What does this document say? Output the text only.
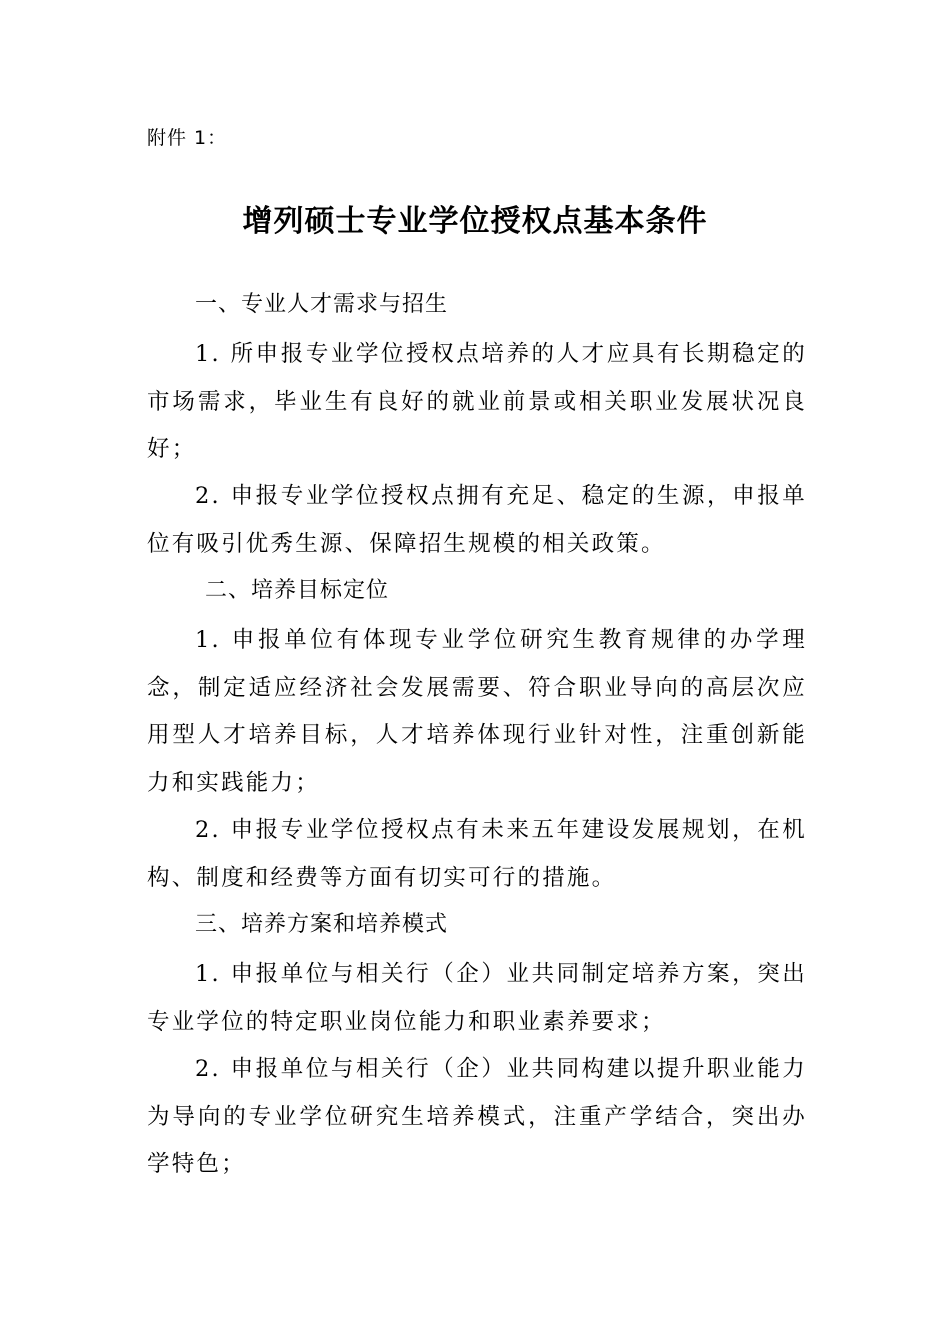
附件 1：
增列硕士专业学位授权点基本条件
一、专业人才需求与招生
1. 所申报专业学位授权点培养的人才应具有长期稳定的市场需求，毕业生有良好的就业前景或相关职业发展状况良好；
2. 申报专业学位授权点拥有充足、稳定的生源，申报单位有吸引优秀生源、保障招生规模的相关政策。
二、培养目标定位
1. 申报单位有体现专业学位研究生教育规律的办学理念，制定适应经济社会发展需要、符合职业导向的高层次应用型人才培养目标，人才培养体现行业针对性，注重创新能力和实践能力；
2. 申报专业学位授权点有未来五年建设发展规划，在机构、制度和经费等方面有切实可行的措施。
三、培养方案和培养模式
1. 申报单位与相关行（企）业共同制定培养方案，突出专业学位的特定职业岗位能力和职业素养要求；
2. 申报单位与相关行（企）业共同构建以提升职业能力为导向的专业学位研究生培养模式，注重产学结合，突出办学特色；
